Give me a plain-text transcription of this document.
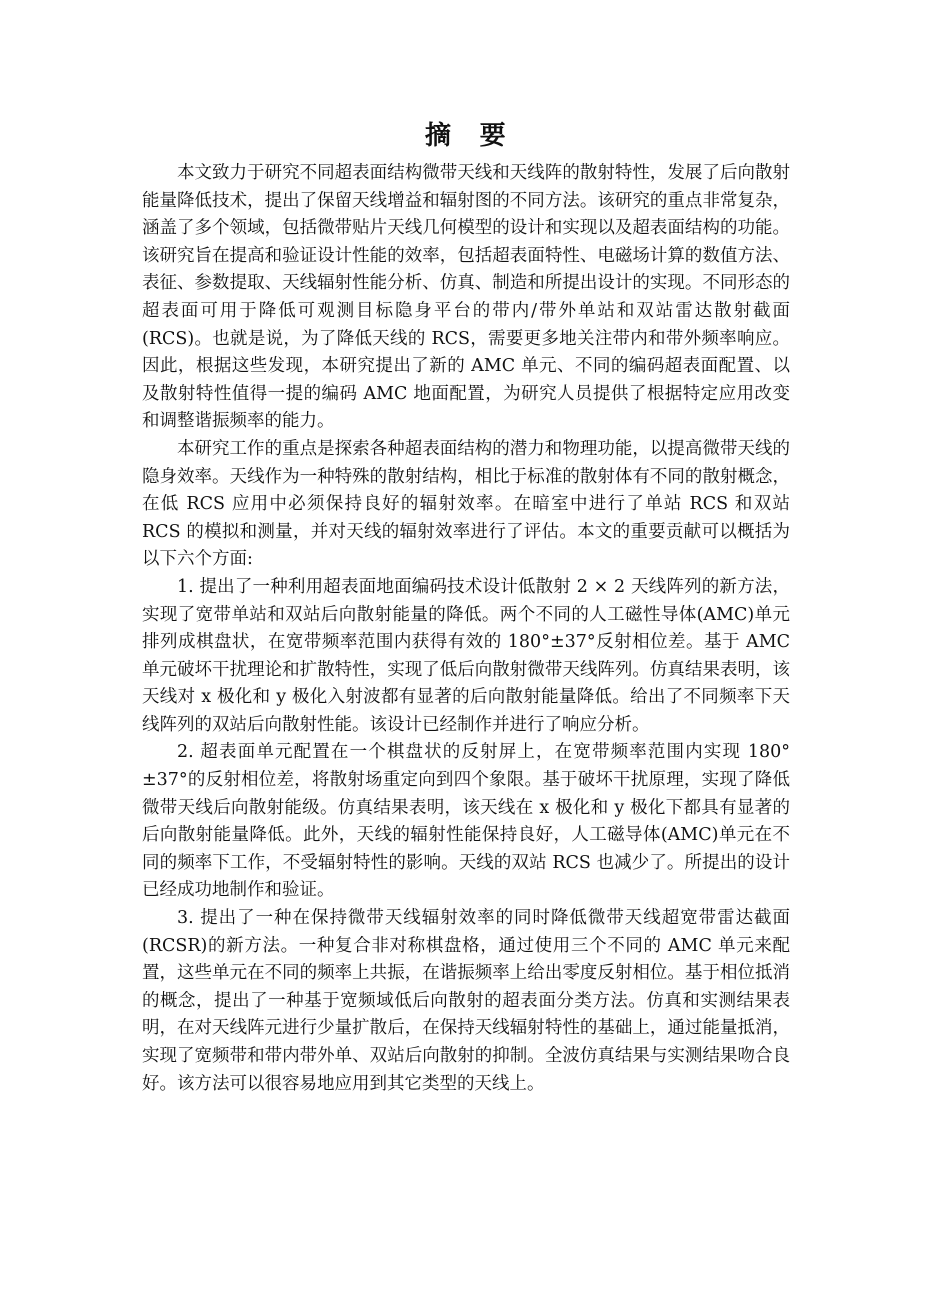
摘　要

本文致力于研究不同超表面结构微带天线和天线阵的散射特性，发展了后向散射能量降低技术，提出了保留天线增益和辐射图的不同方法。该研究的重点非常复杂，涵盖了多个领域，包括微带贴片天线几何模型的设计和实现以及超表面结构的功能。该研究旨在提高和验证设计性能的效率，包括超表面特性、电磁场计算的数值方法、表征、参数提取、天线辐射性能分析、仿真、制造和所提出设计的实现。不同形态的超表面可用于降低可观测目标隐身平台的带内/带外单站和双站雷达散射截面(RCS)。也就是说，为了降低天线的 RCS，需要更多地关注带内和带外频率响应。因此，根据这些发现，本研究提出了新的 AMC 单元、不同的编码超表面配置、以及散射特性值得一提的编码 AMC 地面配置，为研究人员提供了根据特定应用改变和调整谐振频率的能力。

本研究工作的重点是探索各种超表面结构的潜力和物理功能，以提高微带天线的隐身效率。天线作为一种特殊的散射结构，相比于标准的散射体有不同的散射概念，在低 RCS 应用中必须保持良好的辐射效率。在暗室中进行了单站 RCS 和双站 RCS 的模拟和测量，并对天线的辐射效率进行了评估。本文的重要贡献可以概括为以下六个方面:

1. 提出了一种利用超表面地面编码技术设计低散射 2 × 2 天线阵列的新方法，实现了宽带单站和双站后向散射能量的降低。两个不同的人工磁性导体(AMC)单元排列成棋盘状，在宽带频率范围内获得有效的 180°±37°反射相位差。基于 AMC 单元破坏干扰理论和扩散特性，实现了低后向散射微带天线阵列。仿真结果表明，该天线对 x 极化和 y 极化入射波都有显著的后向散射能量降低。给出了不同频率下天线阵列的双站后向散射性能。该设计已经制作并进行了响应分析。

2. 超表面单元配置在一个棋盘状的反射屏上，在宽带频率范围内实现 180°±37°的反射相位差，将散射场重定向到四个象限。基于破坏干扰原理，实现了降低微带天线后向散射能级。仿真结果表明，该天线在 x 极化和 y 极化下都具有显著的后向散射能量降低。此外，天线的辐射性能保持良好，人工磁导体(AMC)单元在不同的频率下工作，不受辐射特性的影响。天线的双站 RCS 也减少了。所提出的设计已经成功地制作和验证。

3. 提出了一种在保持微带天线辐射效率的同时降低微带天线超宽带雷达截面(RCSR)的新方法。一种复合非对称棋盘格，通过使用三个不同的 AMC 单元来配置，这些单元在不同的频率上共振，在谐振频率上给出零度反射相位。基于相位抵消的概念，提出了一种基于宽频域低后向散射的超表面分类方法。仿真和实测结果表明，在对天线阵元进行少量扩散后，在保持天线辐射特性的基础上，通过能量抵消，实现了宽频带和带内带外单、双站后向散射的抑制。全波仿真结果与实测结果吻合良好。该方法可以很容易地应用到其它类型的天线上。
